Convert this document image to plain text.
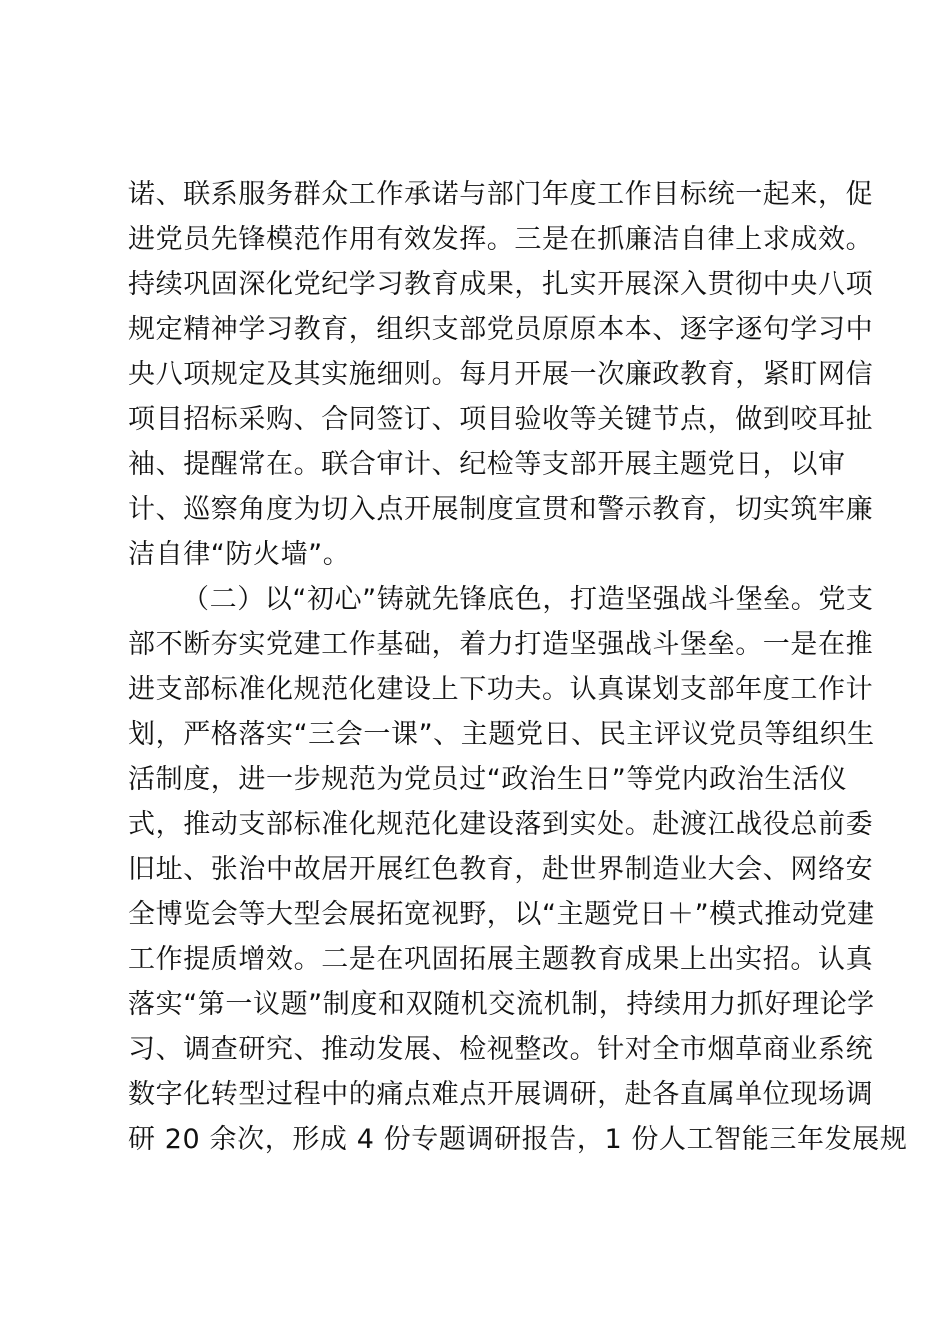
诺、联系服务群众工作承诺与部门年度工作目标统一起来，促
进党员先锋模范作用有效发挥。三是在抓廉洁自律上求成效。
持续巩固深化党纪学习教育成果，扎实开展深入贯彻中央八项
规定精神学习教育，组织支部党员原原本本、逐字逐句学习中
央八项规定及其实施细则。每月开展一次廉政教育，紧盯网信
项目招标采购、合同签订、项目验收等关键节点，做到咬耳扯
袖、提醒常在。联合审计、纪检等支部开展主题党日，以审
计、巡察角度为切入点开展制度宣贯和警示教育，切实筑牢廉
洁自律“防火墙”。
（二）以“初心”铸就先锋底色，打造坚强战斗堡垒。党支
部不断夯实党建工作基础，着力打造坚强战斗堡垒。一是在推
进支部标准化规范化建设上下功夫。认真谋划支部年度工作计
划，严格落实“三会一课”、主题党日、民主评议党员等组织生
活制度，进一步规范为党员过“政治生日”等党内政治生活仪
式，推动支部标准化规范化建设落到实处。赴渡江战役总前委
旧址、张治中故居开展红色教育，赴世界制造业大会、网络安
全博览会等大型会展拓宽视野，以“主题党日＋”模式推动党建
工作提质增效。二是在巩固拓展主题教育成果上出实招。认真
落实“第一议题”制度和双随机交流机制，持续用力抓好理论学
习、调查研究、推动发展、检视整改。针对全市烟草商业系统
数字化转型过程中的痛点难点开展调研，赴各直属单位现场调
研 20 余次，形成 4 份专题调研报告，1 份人工智能三年发展规
